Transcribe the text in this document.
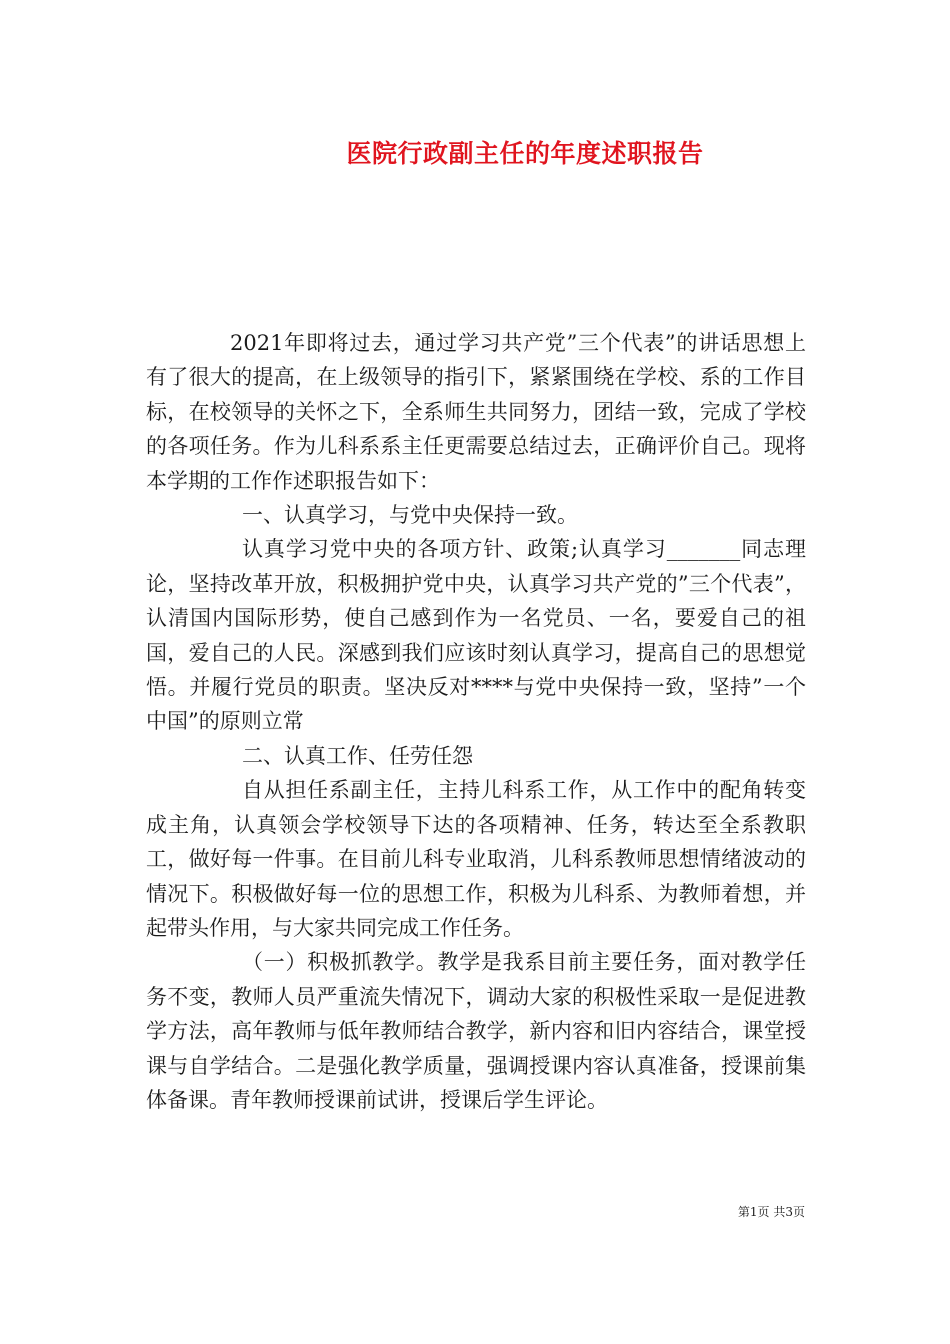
医院行政副主任的年度述职报告

2021年即将过去，通过学习共产党”三个代表”的讲话思想上有了很大的提高，在上级领导的指引下，紧紧围绕在学校、系的工作目标，在校领导的关怀之下，全系师生共同努力，团结一致，完成了学校的各项任务。作为儿科系系主任更需要总结过去，正确评价自己。现将本学期的工作作述职报告如下：

一、认真学习，与党中央保持一致。

认真学习党中央的各项方针、政策;认真学习_______同志理论，坚持改革开放，积极拥护党中央，认真学习共产党的”三个代表”，认清国内国际形势，使自己感到作为一名党员、一名，要爱自己的祖国，爱自己的人民。深感到我们应该时刻认真学习，提高自己的思想觉悟。并履行党员的职责。坚决反对****与党中央保持一致，坚持”一个中国”的原则立常

二、认真工作、任劳任怨

自从担任系副主任，主持儿科系工作，从工作中的配角转变成主角，认真领会学校领导下达的各项精神、任务，转达至全系教职工，做好每一件事。在目前儿科专业取消，儿科系教师思想情绪波动的情况下。积极做好每一位的思想工作，积极为儿科系、为教师着想，并起带头作用，与大家共同完成工作任务。

（一）积极抓教学。教学是我系目前主要任务，面对教学任务不变，教师人员严重流失情况下，调动大家的积极性采取一是促进教学方法，高年教师与低年教师结合教学，新内容和旧内容结合，课堂授课与自学结合。二是强化教学质量，强调授课内容认真准备，授课前集体备课。青年教师授课前试讲，授课后学生评论。

第1页 共3页
